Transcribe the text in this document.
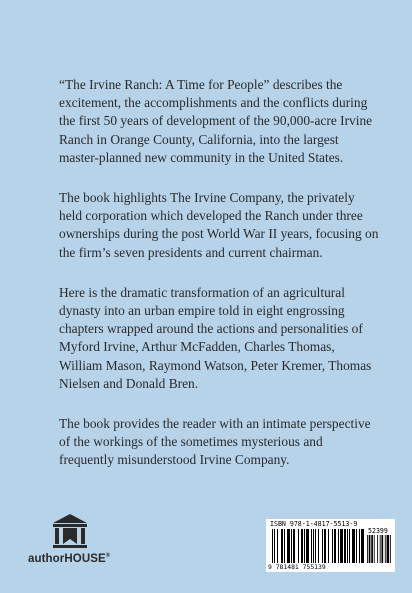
“The Irvine Ranch: A Time for People” describes the excitement, the accomplishments and the conflicts during the first 50 years of development of the 90,000-acre Irvine Ranch in Orange County, California, into the largest master-planned new community in the United States.

The book highlights The Irvine Company, the privately held corporation which developed the Ranch under three ownerships during the post World War II years, focusing on the firm’s seven presidents and current chairman.

Here is the dramatic transformation of an agricultural dynasty into an urban empire told in eight engrossing chapters wrapped around the actions and personalities of Myford Irvine, Arthur McFadden, Charles Thomas, William Mason, Raymond Watson, Peter Kremer, Thomas Nielsen and Donald Bren.

The book provides the reader with an intimate perspective of the workings of the sometimes mysterious and frequently misunderstood Irvine Company.

authorHOUSE®
ISBN 978-1-4817-5513-9
52399
9 781481 755139
